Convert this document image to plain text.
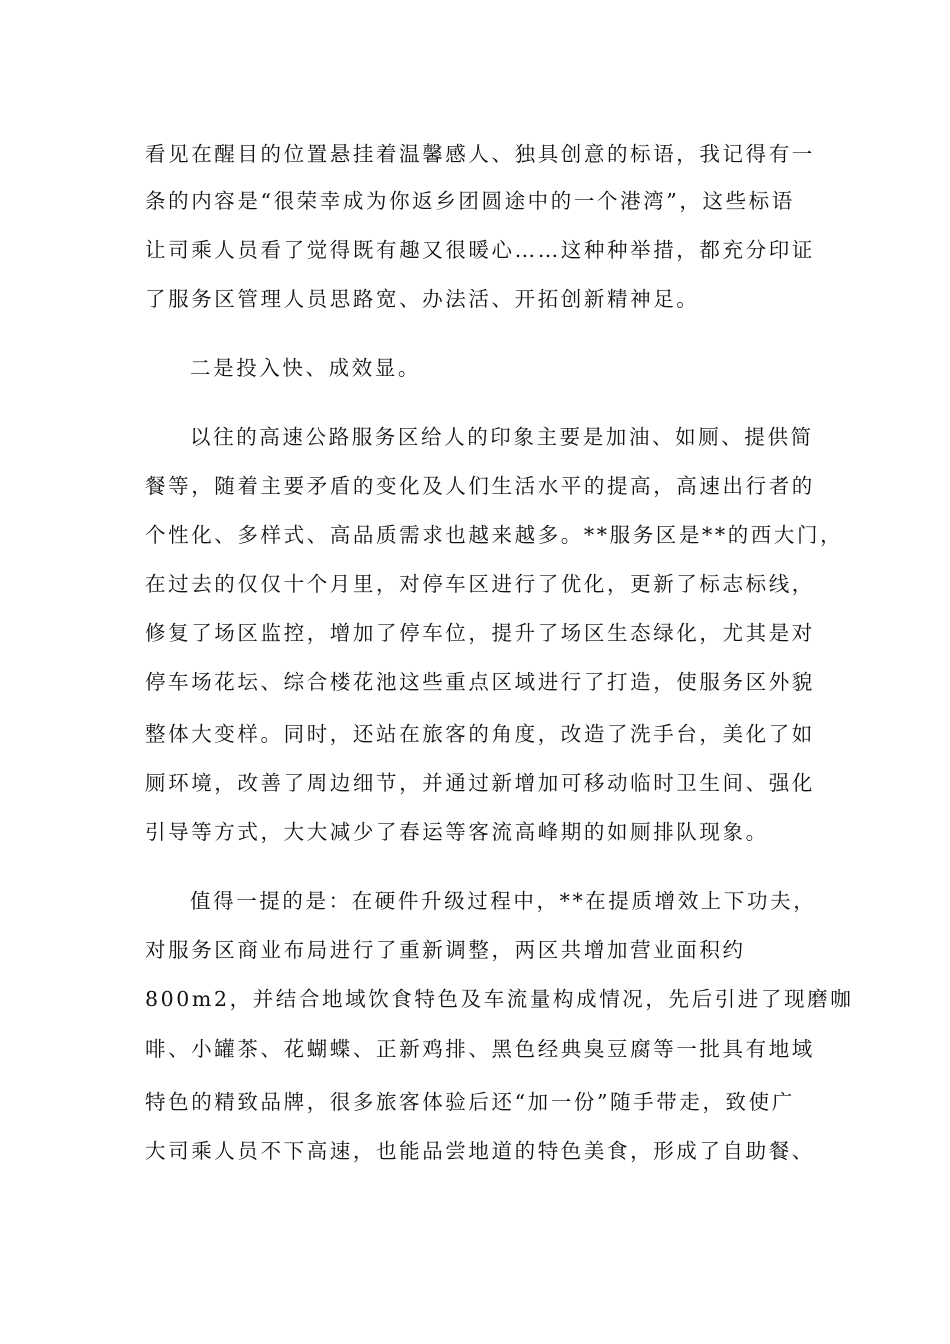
看见在醒目的位置悬挂着温馨感人、独具创意的标语，我记得有一
条的内容是“很荣幸成为你返乡团圆途中的一个港湾”，这些标语
让司乘人员看了觉得既有趣又很暖心……这种种举措，都充分印证
了服务区管理人员思路宽、办法活、开拓创新精神足。
二是投入快、成效显。
以往的高速公路服务区给人的印象主要是加油、如厕、提供简
餐等，随着主要矛盾的变化及人们生活水平的提高，高速出行者的
个性化、多样式、高品质需求也越来越多。**服务区是**的西大门，
在过去的仅仅十个月里，对停车区进行了优化，更新了标志标线，
修复了场区监控，增加了停车位，提升了场区生态绿化，尤其是对
停车场花坛、综合楼花池这些重点区域进行了打造，使服务区外貌
整体大变样。同时，还站在旅客的角度，改造了洗手台，美化了如
厕环境，改善了周边细节，并通过新增加可移动临时卫生间、强化
引导等方式，大大减少了春运等客流高峰期的如厕排队现象。
值得一提的是：在硬件升级过程中，**在提质增效上下功夫，
对服务区商业布局进行了重新调整，两区共增加营业面积约
800m2，并结合地域饮食特色及车流量构成情况，先后引进了现磨咖
啡、小罐茶、花蝴蝶、正新鸡排、黑色经典臭豆腐等一批具有地域
特色的精致品牌，很多旅客体验后还“加一份”随手带走，致使广
大司乘人员不下高速，也能品尝地道的特色美食，形成了自助餐、
